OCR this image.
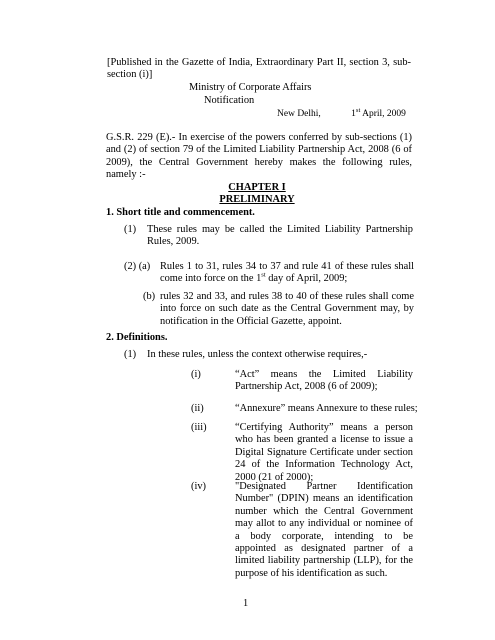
[Published in the Gazette of India, Extraordinary Part II, section 3, sub-section (i)]
Ministry of Corporate Affairs
Notification
New Delhi,	1st April, 2009
G.S.R. 229 (E).- In exercise of the powers conferred by sub-sections (1) and (2) of section 79 of the Limited Liability Partnership Act, 2008 (6 of 2009), the Central Government hereby makes the following rules, namely :-
CHAPTER I
PRELIMINARY
1. Short title and commencement.
(1) These rules may be called the Limited Liability Partnership Rules, 2009.
(2) (a) Rules 1 to 31, rules 34 to 37 and rule 41 of these rules shall come into force on the 1st day of April, 2009;
(b) rules 32 and 33, and rules 38 to 40 of these rules shall come into force on such date as the Central Government may, by notification in the Official Gazette, appoint.
2. Definitions.
(1) In these rules, unless the context otherwise requires,-
(i)	“Act” means the Limited Liability Partnership Act, 2008 (6 of 2009);
(ii)	“Annexure” means Annexure to these rules;
(iii)	“Certifying Authority” means a person who has been granted a license to issue a Digital Signature Certificate under section 24 of the Information Technology Act, 2000 (21 of 2000);
(iv)	"Designated Partner Identification Number" (DPIN) means an identification number which the Central Government may allot to any individual or nominee of a body corporate, intending to be appointed as designated partner of a limited liability partnership (LLP), for the purpose of his identification as such.
1
